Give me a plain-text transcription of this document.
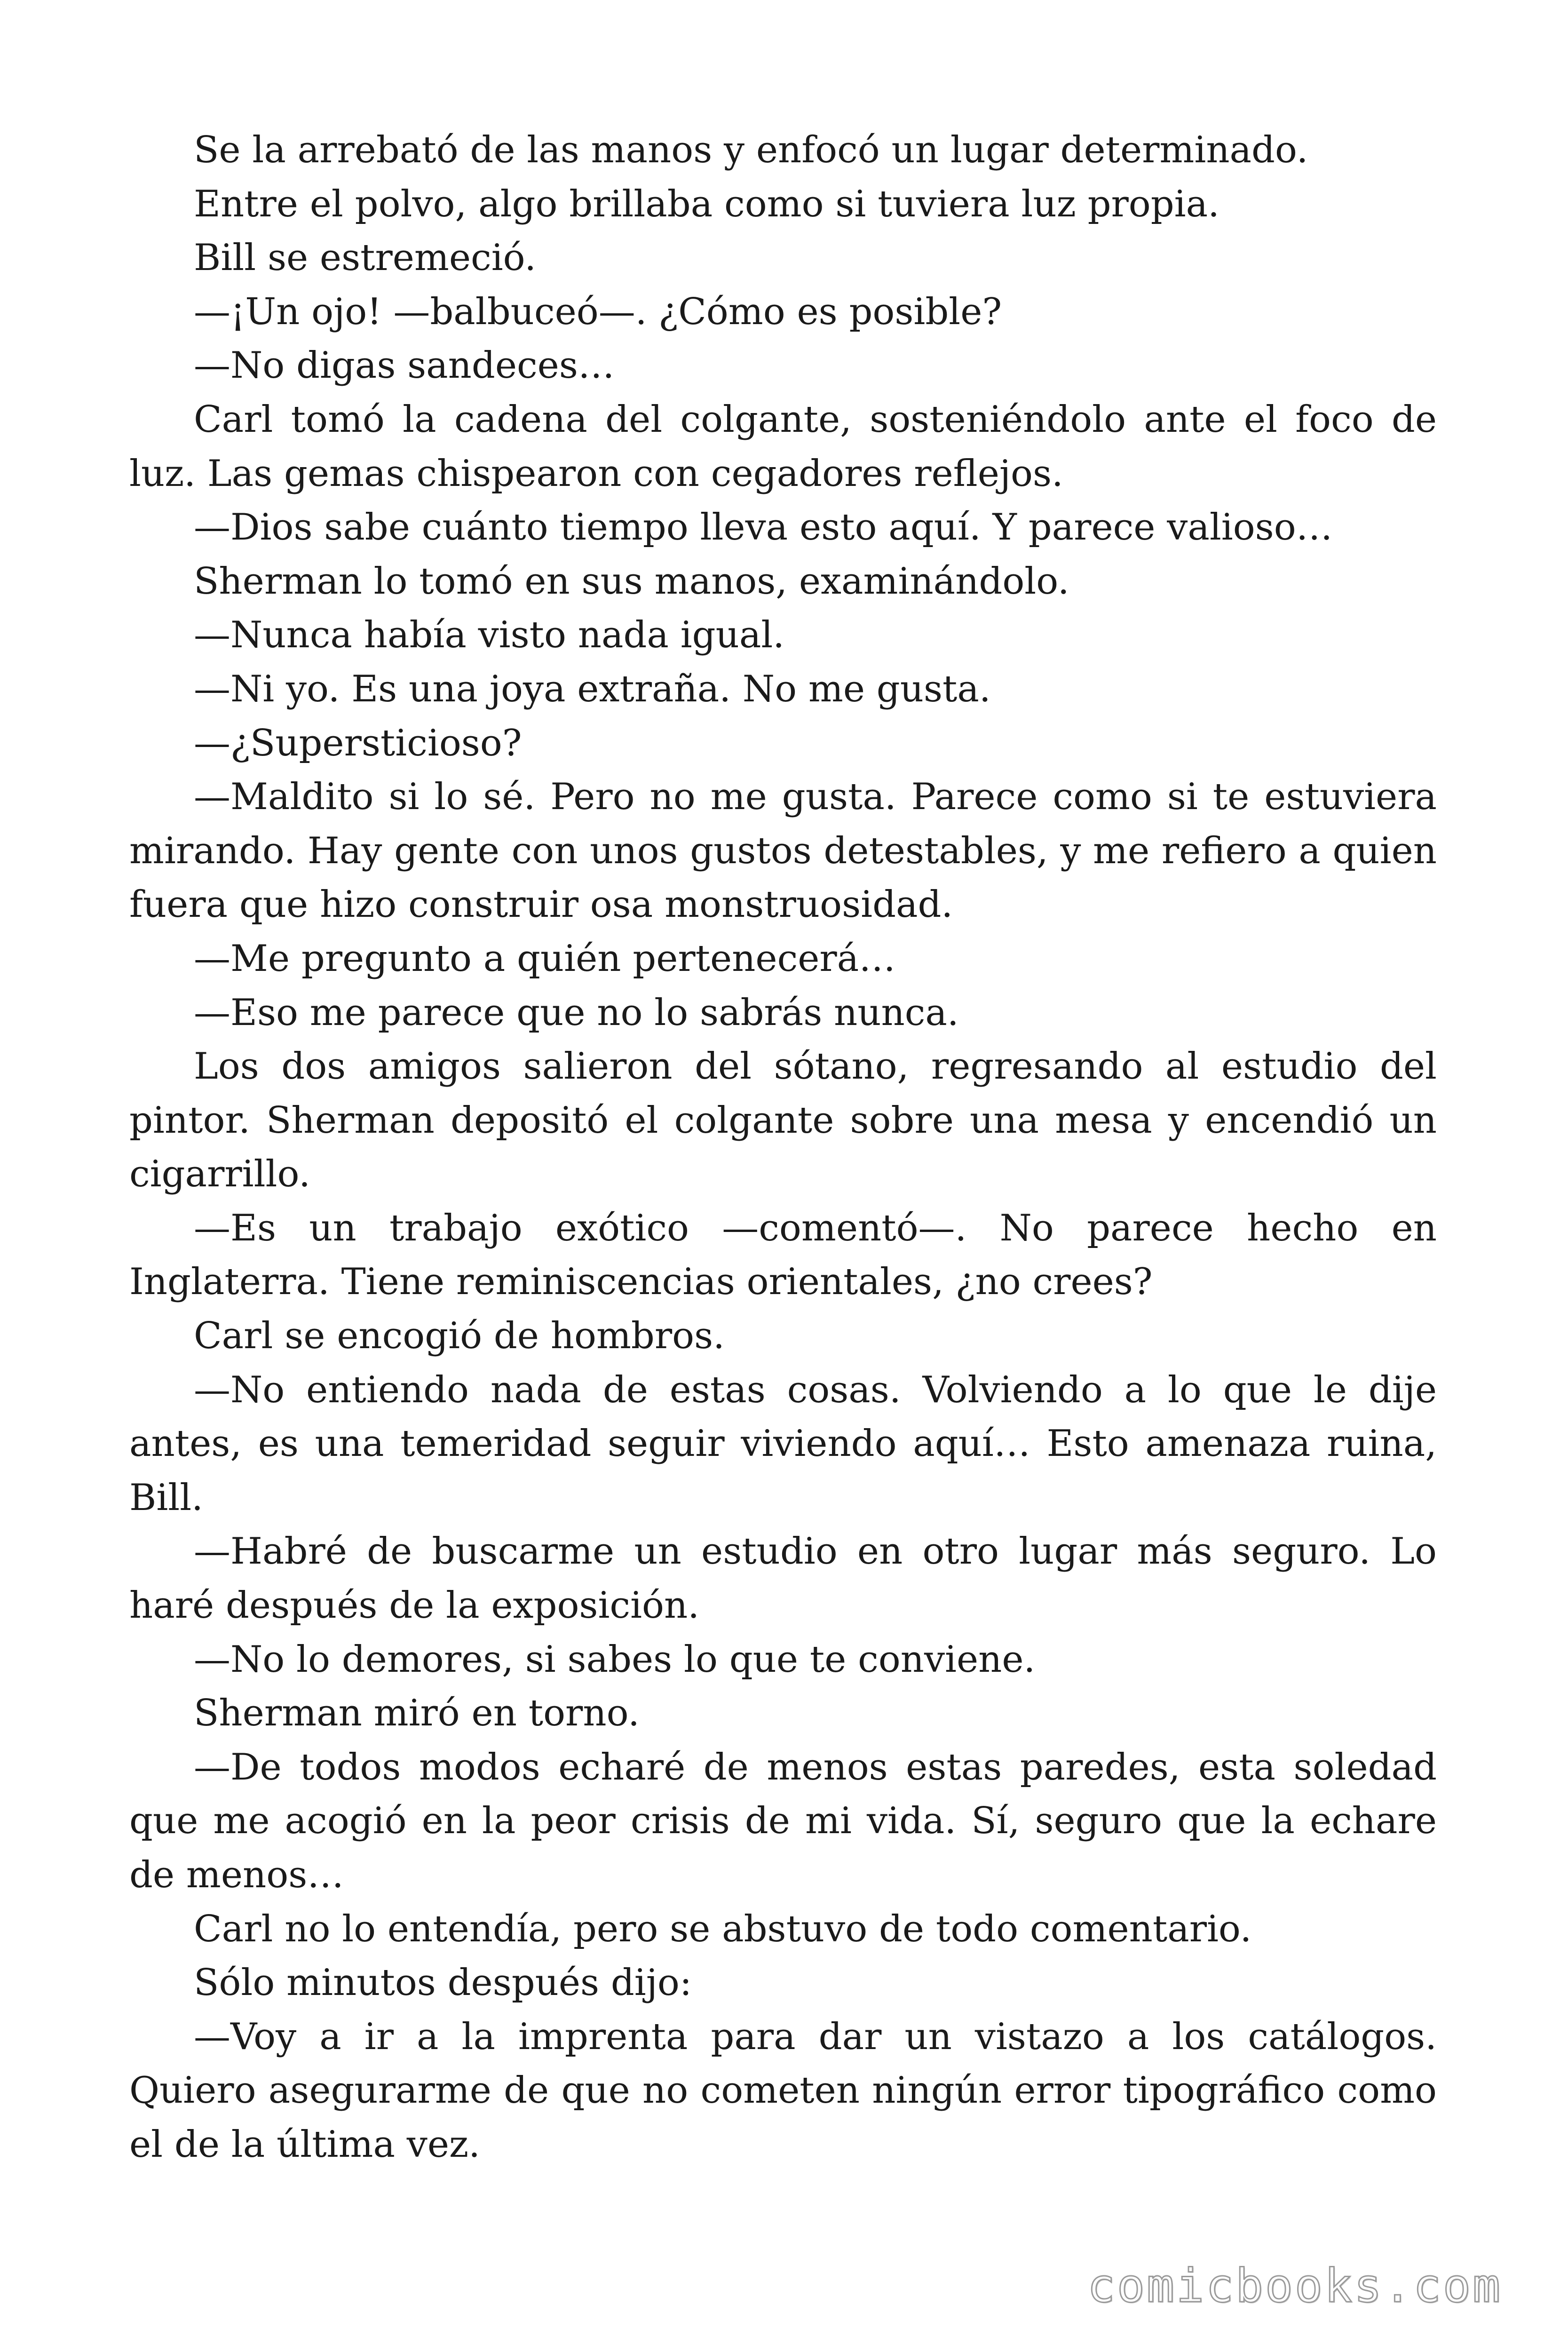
Se la arrebató de las manos y enfocó un lugar determinado.

Entre el polvo, algo brillaba como si tuviera luz propia.

Bill se estremeció.

—¡Un ojo! —balbuceó—. ¿Cómo es posible?

—No digas sandeces…

Carl tomó la cadena del colgante, sosteniéndolo ante el foco de luz. Las gemas chispearon con cegadores reflejos.

—Dios sabe cuánto tiempo lleva esto aquí. Y parece valioso…

Sherman lo tomó en sus manos, examinándolo.

—Nunca había visto nada igual.

—Ni yo. Es una joya extraña. No me gusta.

—¿Supersticioso?

—Maldito si lo sé. Pero no me gusta. Parece como si te estuviera mirando. Hay gente con unos gustos detestables, y me refiero a quien fuera que hizo construir osa monstruosidad.

—Me pregunto a quién pertenecerá…

—Eso me parece que no lo sabrás nunca.

Los dos amigos salieron del sótano, regresando al estudio del pintor. Sherman depositó el colgante sobre una mesa y encendió un cigarrillo.

—Es un trabajo exótico —comentó—. No parece hecho en Inglaterra. Tiene reminiscencias orientales, ¿no crees?

Carl se encogió de hombros.

—No entiendo nada de estas cosas. Volviendo a lo que le dije antes, es una temeridad seguir viviendo aquí… Esto amenaza ruina, Bill.

—Habré de buscarme un estudio en otro lugar más seguro. Lo haré después de la exposición.

—No lo demores, si sabes lo que te conviene.

Sherman miró en torno.

—De todos modos echaré de menos estas paredes, esta soledad que me acogió en la peor crisis de mi vida. Sí, seguro que la echare de menos…

Carl no lo entendía, pero se abstuvo de todo comentario.

Sólo minutos después dijo:

—Voy a ir a la imprenta para dar un vistazo a los catálogos. Quiero asegurarme de que no cometen ningún error tipográfico como el de la última vez.

comicbooks.com
